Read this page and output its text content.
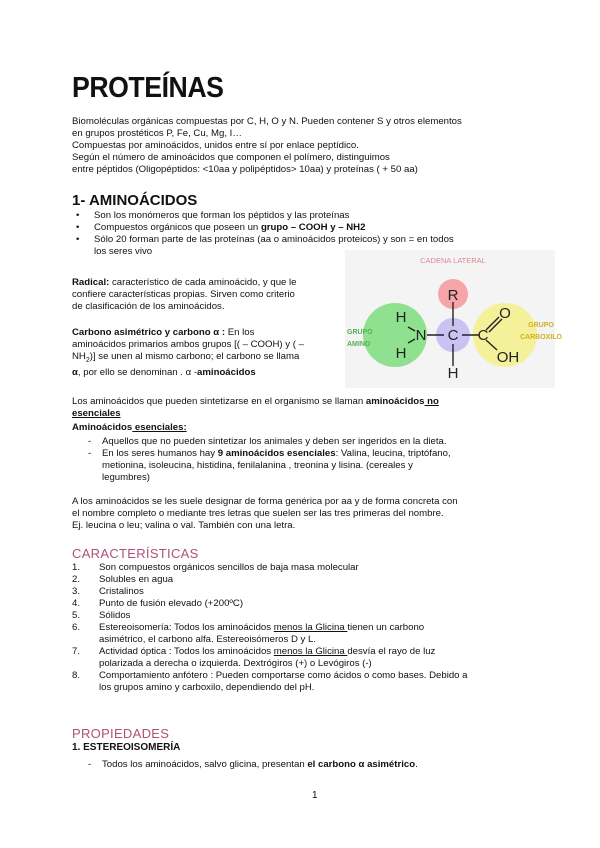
PROTEÍNAS
Biomoléculas orgánicas compuestas por C, H, O y N. Pueden contener S y otros elementos
en grupos prostéticos P, Fe, Cu, Mg, I…
Compuestas por aminoácidos, unidos entre sí por enlace peptídico.
Según el número de aminoácidos que componen el polímero, distinguimos
entre péptidos (Oligopéptidos: <10aa y polipéptidos> 10aa) y proteínas ( + 50 aa)
1- AMINOÁCIDOS
• Son los monómeros que forman los péptidos y las proteínas
• Compuestos orgánicos que poseen un grupo – COOH y – NH2
• Sólo 20 forman parte de las proteínas (aa o aminoácidos proteicos) y son = en todos
los seres vivo
Radical: característico de cada aminoácido, y que le
confiere características propias. Sirven como criterio
de clasificación de los aminoácidos.
Carbono asimétrico y carbono α : En los
aminoácidos primarios ambos grupos [( – COOH) y ( –
$NH_2$)] se unen al mismo carbono; el carbono se llama
α, por ello se denominan . α -aminoácidos
CADENA LATERAL
GRUPO
AMINO
GRUPO
CARBOXILO
R
N
H
H
C C
H
O
OH
Los aminoácidos que pueden sintetizarse en el organismo se llaman aminoácidos no
esenciales
Aminoácidos esenciales:
- Aquellos que no pueden sintetizar los animales y deben ser ingeridos en la dieta.
- En los seres humanos hay 9 aminoácidos esenciales: Valina, leucina, triptófano,
metionina, isoleucina, histidina, fenilalanina , treonina y lisina. (cereales y
legumbres)
A los aminoácidos se les suele designar de forma genérica por aa y de forma concreta con
el nombre completo o mediante tres letras que suelen ser las tres primeras del nombre.
Ej. leucina o leu; valina o val. También con una letra.
CARACTERÍSTICAS
1. Son compuestos orgánicos sencillos de baja masa molecular
2. Solubles en agua
3. Cristalinos
4. Punto de fusión elevado (+200ºC)
5. Sólidos
6. Estereoisomería: Todos los aminoácidos menos la Glicina tienen un carbono
asimétrico, el carbono alfa. Estereoisómeros D y L.
7. Actividad óptica : Todos los aminoácidos menos la Glicina desvía el rayo de luz
polarizada a derecha o izquierda. Dextrógiros (+) o Levógiros (-)
8. Comportamiento anfótero : Pueden comportarse como ácidos o como bases. Debido a
los grupos amino y carboxilo, dependiendo del pH.
PROPIEDADES
1. ESTEREOISOMERÍA
- Todos los aminoácidos, salvo glicina, presentan el carbono α asimétrico.
1
